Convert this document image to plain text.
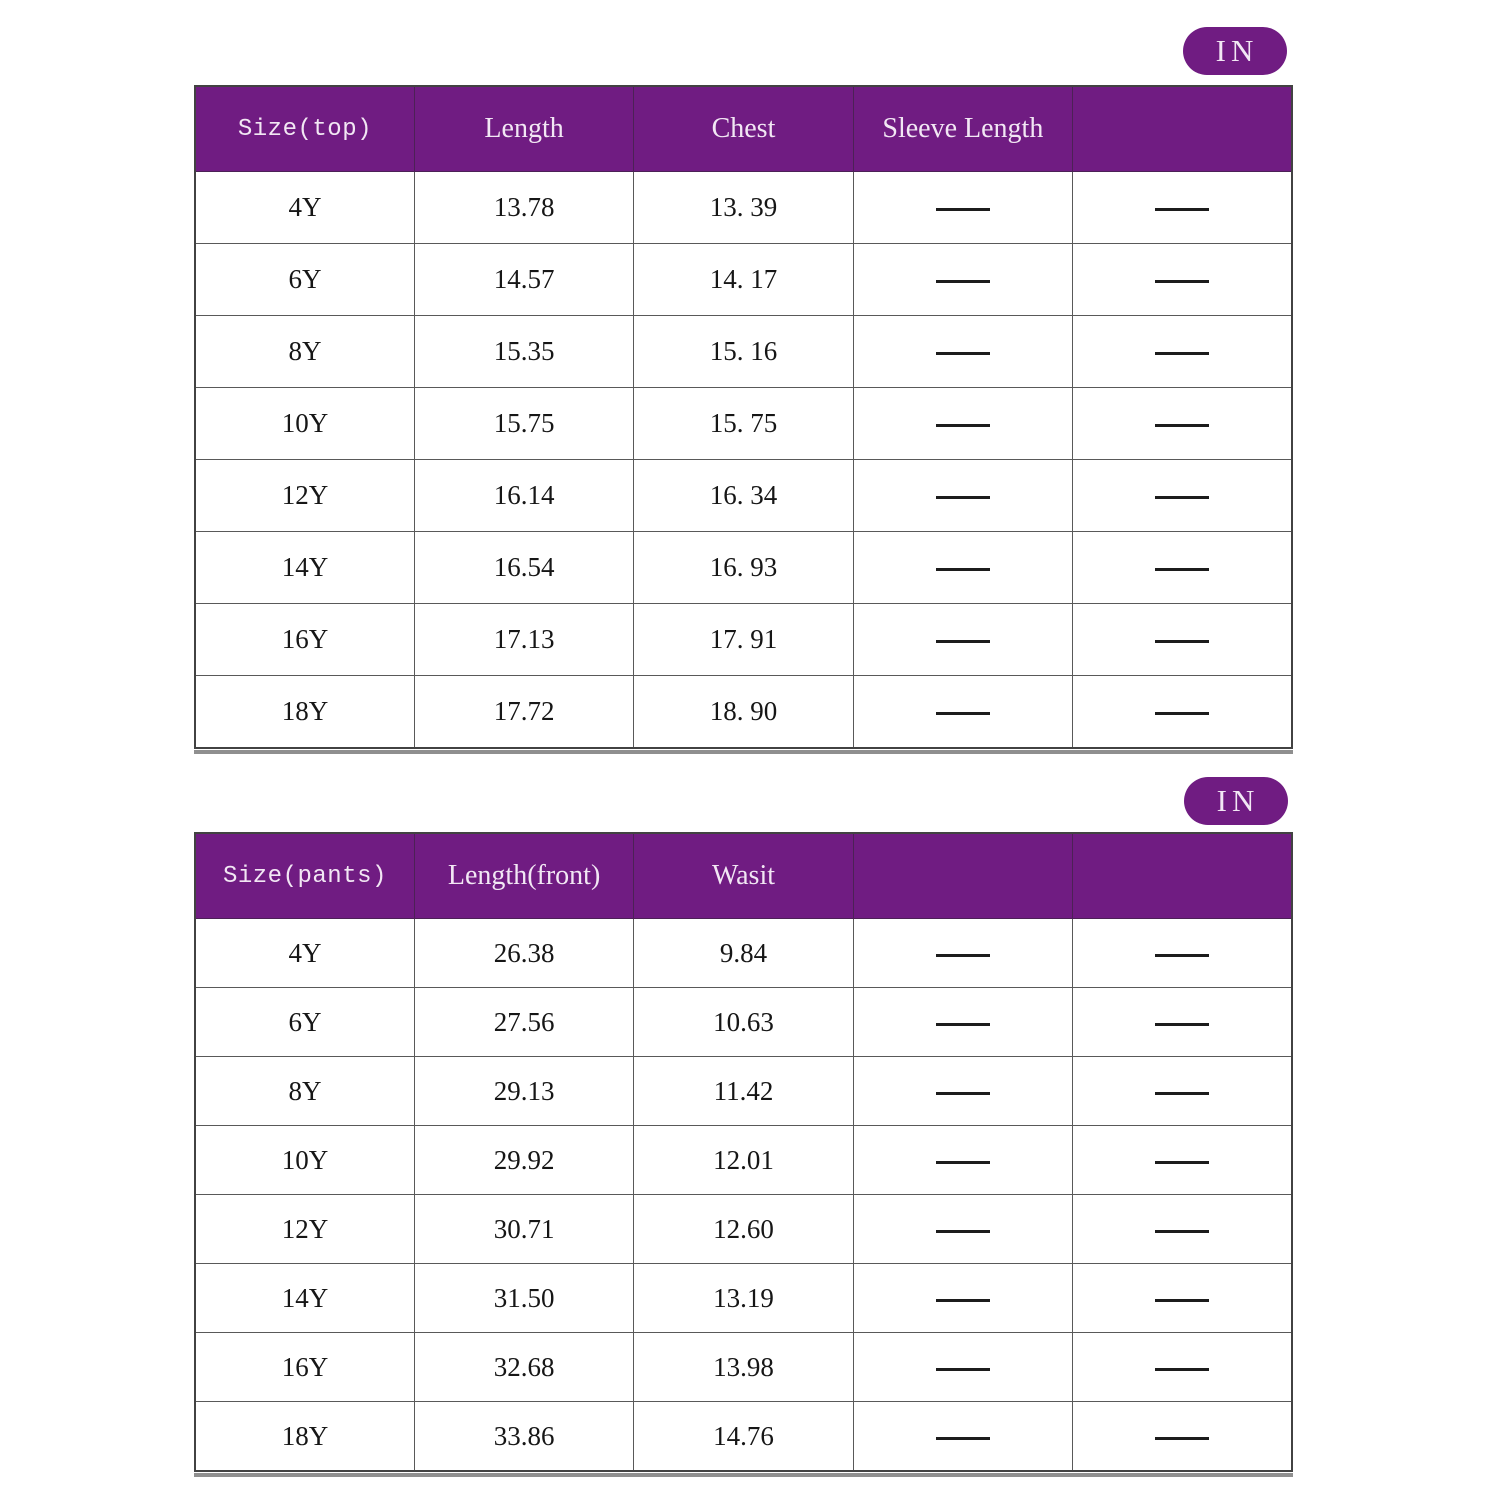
IN
Size(top)	Length	Chest	Sleeve Length	
4Y	13.78	13. 39		
6Y	14.57	14. 17		
8Y	15.35	15. 16		
10Y	15.75	15. 75		
12Y	16.14	16. 34		
14Y	16.54	16. 93		
16Y	17.13	17. 91		
18Y	17.72	18. 90		
IN
Size(pants)	Length(front)	Wasit		
4Y	26.38	9.84		
6Y	27.56	10.63		
8Y	29.13	11.42		
10Y	29.92	12.01		
12Y	30.71	12.60		
14Y	31.50	13.19		
16Y	32.68	13.98		
18Y	33.86	14.76		
